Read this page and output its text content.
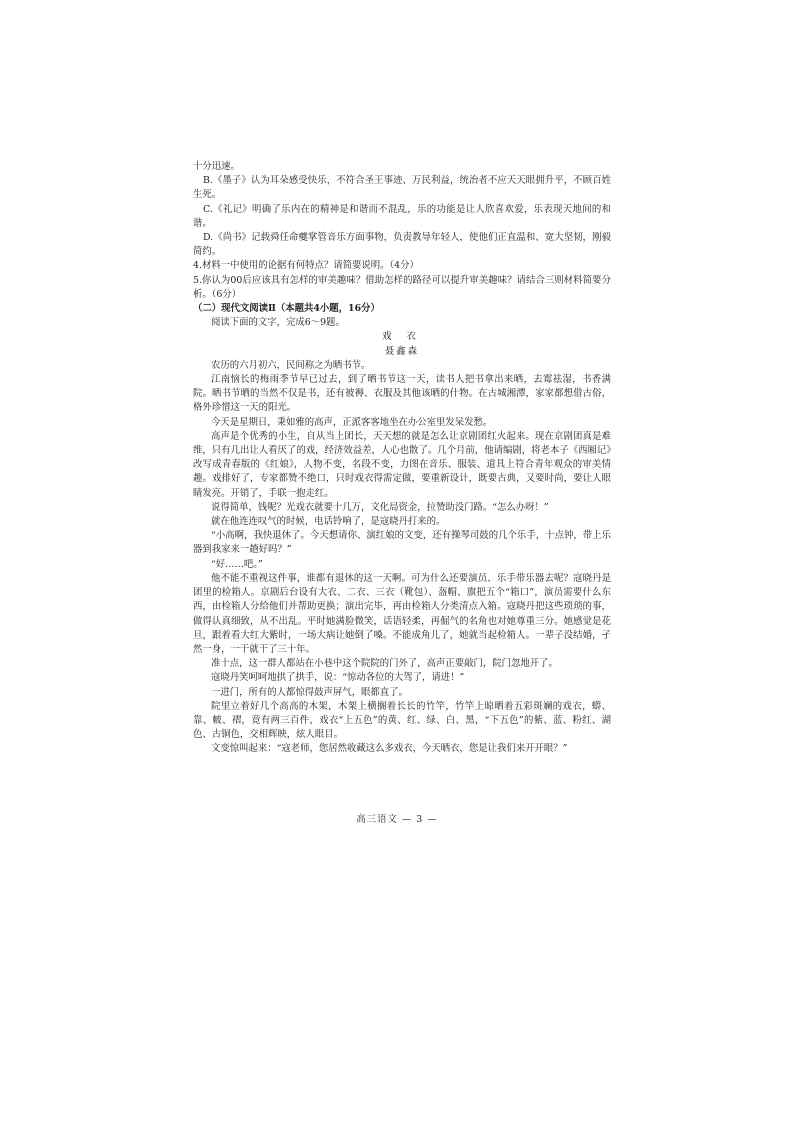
十分迅速。

B.《墨子》认为耳朵感受快乐，不符合圣王事迹、万民利益，统治者不应天天眼拥升平，不顾百姓生死。

C.《礼记》明确了乐内在的精神是和谐而不混乱，乐的功能是让人欣喜欢爱，乐表现天地间的和谐。

D.《尚书》记载舜任命夔掌管音乐方面事物，负责教导年轻人，使他们正直温和、宽大坚韧，刚毅简约。

4.材料一中使用的论据有何特点？请简要说明。（4分）

5.你认为00后应该具有怎样的审美趣味？借助怎样的路径可以提升审美趣味？请结合三则材料简要分析。（6分）

（二）现代文阅读Ⅱ（本题共4小题，16分）

阅读下面的文字，完成6～9题。

戏 衣

聂鑫森

农历的六月初六，民间称之为晒书节。

江南恼长的梅雨季节早已过去，到了晒书节这一天，读书人把书拿出来晒，去霉祛湿，书香满院。晒书节晒的当然不仅是书，还有被褥、衣服及其他该晒的什物。在古城湘潭，家家都想借古俗，格外珍惜这一天的阳光。

今天是星期日，秉如雅的高声，正派客客地坐在办公室里发呆发愁。

高声是个优秀的小生，自从当上团长，天天想的就是怎么让京剧团红火起来。现在京剧团真是难维，只有几出让人看厌了的戏，经济效益差，人心也散了。几个月前，他请编剧，将老本子《西厢记》改写成青春版的《红娘》，人物不变，名段不变，力图在音乐、服装、道具上符合青年观众的审美情趣。戏排好了，专家都赞不绝口，只时戏衣得需定做，要重新设计，既要古典，又要时尚，要让人眼睛发亮。开销了，手联一抱走红。

说得简单，钱呢？光戏衣就要十几万，文化局资金，拉赞助没门路。“怎么办呀！”

就在他连连叹气的时候，电话铃响了，是寇晓丹打来的。

“小高啊，我快退休了。今天想请你、演红娘的文变，还有操琴司鼓的几个乐手，十点钟，带上乐器到我家来一趟好吗？”

“好……吧。”

他不能不重视这件事，谁都有退休的这一天啊。可为什么还要演员、乐手带乐器去呢？寇晓丹是团里的检箱人。京剧后台设有大衣、二衣、三衣（靴包）、盔帽、旗把五个“箱口”，演员需要什么东西，由检箱人分给他们并帮助更换；演出完毕，再由检箱人分类清点入箱。寇晓丹把这些琐琐的事，做得认真细致，从不出乱。平时她满脸微笑，话语轻柔，再倔气的名角也对她尊重三分。她感觉是花旦，跟着看大红大紫时，一场大病让她倒了嗓。不能成角儿了，她就当起检箱人。一辈子没结婚，孑然一身，一干就干了三十年。

准十点，这一群人都站在小巷中这个院院的门外了，高声正要敲门，院门忽地开了。

寇晓丹笑呵呵地拱了拱手，说：“惊动各位的大驾了，请进！”

一进门，所有的人都惊得鼓声屏气，眼都直了。

院里立着好几个高高的木架，木架上横搁着长长的竹竿，竹竿上晾晒着五彩斑斓的戏衣，蟒、靠、帔、褶，竟有两三百件，戏衣“上五色”的黄、红、绿、白、黑，“下五色”的紫、蓝、粉红、湖色、古铜色，交相辉映，炫人眼目。

文变惊叫起来：“寇老师，您居然收藏这么多戏衣，今天晒衣，您是让我们来开开眼？”

高三语文 — 3 —
